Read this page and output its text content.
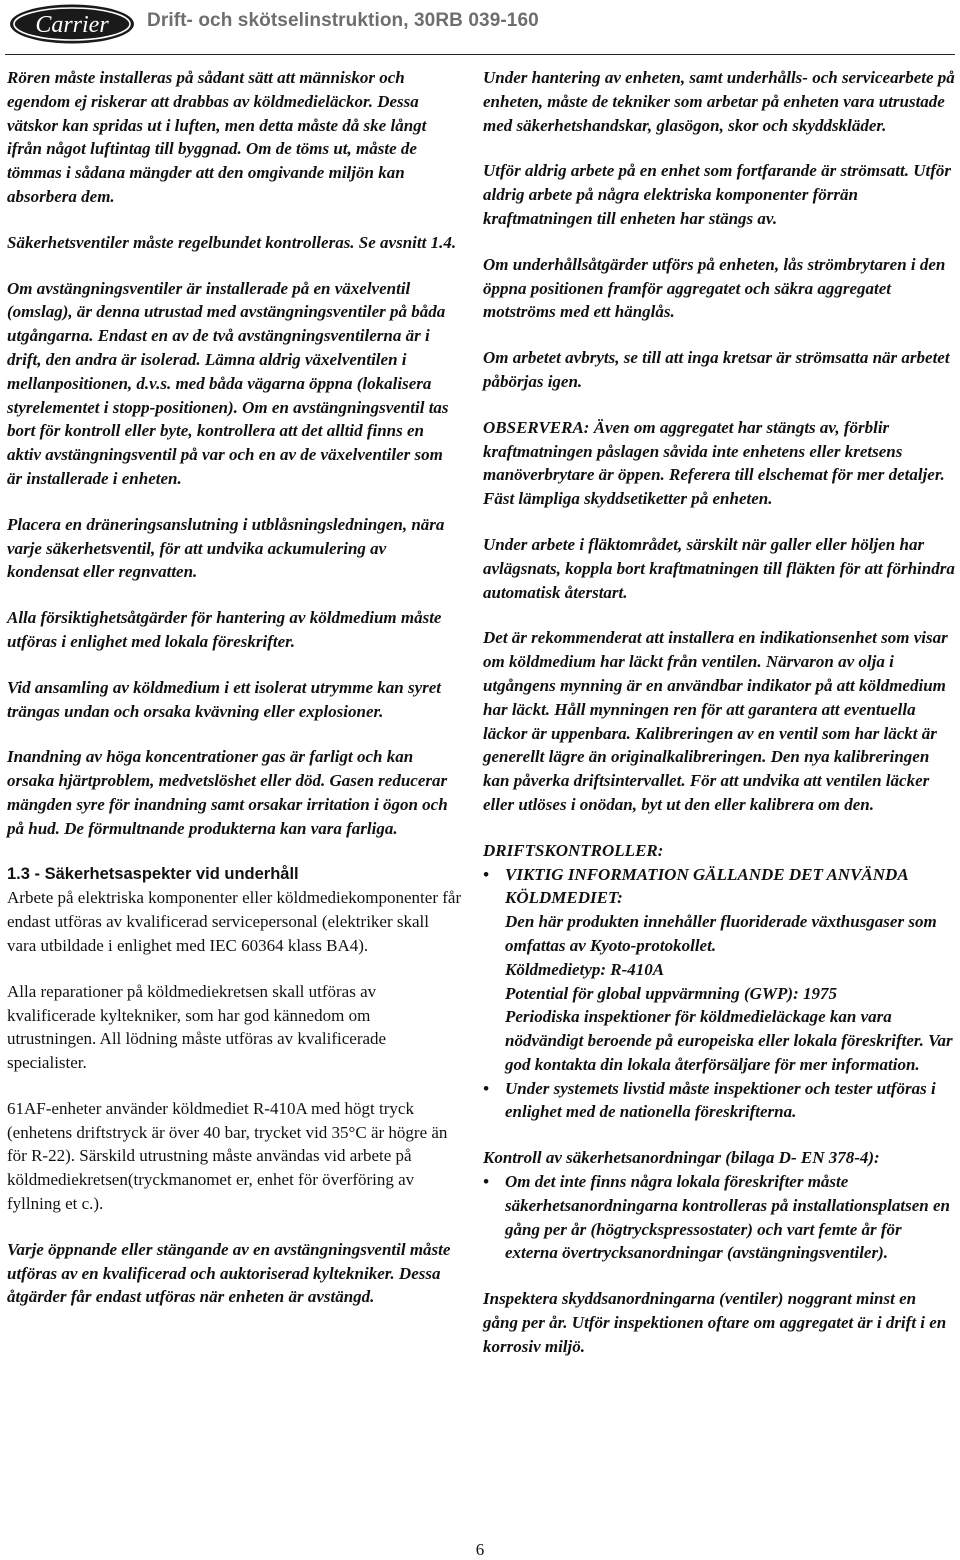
Carrier Drift- och skötselinstruktion, 30RB 039-160

Rören måste installeras på sådant sätt att människor och egendom ej riskerar att drabbas av köldmedieläckor. Dessa vätskor kan spridas ut i luften, men detta måste då ske långt ifrån något luftintag till byggnad. Om de töms ut, måste de tömmas i sådana mängder att den omgivande miljön kan absorbera dem.

Säkerhetsventiler måste regelbundet kontrolleras. Se avsnitt 1.4.

Om avstängningsventiler är installerade på en växelventil (omslag), är denna utrustad med avstängningsventiler på båda utgångarna. Endast en av de två avstängningsventilerna är i drift, den andra är isolerad. Lämna aldrig växelventilen i mellanpositionen, d.v.s. med båda vägarna öppna (lokalisera styrelementet i stopp-positionen). Om en avstängningsventil tas bort för kontroll eller byte, kontrollera att det alltid finns en aktiv avstängningsventil på var och en av de växelventiler som är installerade i enheten.

Placera en dräneringsanslutning i utblåsningsledningen, nära varje säkerhetsventil, för att undvika ackumulering av kondensat eller regnvatten.

Alla försiktighetsåtgärder för hantering av köldmedium måste utföras i enlighet med lokala föreskrifter.

Vid ansamling av köldmedium i ett isolerat utrymme kan syret trängas undan och orsaka kvävning eller explosioner.

Inandning av höga koncentrationer gas är farligt och kan orsaka hjärtproblem, medvetslöshet eller död. Gasen reducerar mängden syre för inandning samt orsakar irritation i ögon och på hud. De förmultnande produkterna kan vara farliga.

1.3 - Säkerhetsaspekter vid underhåll

Arbete på elektriska komponenter eller köldmediekomponenter får endast utföras av kvalificerad servicepersonal (elektriker skall vara utbildade i enlighet med IEC 60364 klass BA4).

Alla reparationer på köldmediekretsen skall utföras av kvalificerade kyltekniker, som har god kännedom om utrustningen. All lödning måste utföras av kvalificerade specialister.

61AF-enheter använder köldmediet R-410A med högt tryck (enhetens driftstryck är över 40 bar, trycket vid 35°C är högre än för R-22). Särskild utrustning måste användas vid arbete på köldmediekretsen(tryckmanomet er, enhet för överföring av fyllning et c.).

Varje öppnande eller stängande av en avstängningsventil måste utföras av en kvalificerad och auktoriserad kyltekniker. Dessa åtgärder får endast utföras när enheten är avstängd.

Under hantering av enheten, samt underhålls- och servicearbete på enheten, måste de tekniker som arbetar på enheten vara utrustade med säkerhetshandskar, glasögon, skor och skyddskläder.

Utför aldrig arbete på en enhet som fortfarande är strömsatt. Utför aldrig arbete på några elektriska komponenter förrän kraftmatningen till enheten har stängs av.

Om underhållsåtgärder utförs på enheten, lås strömbrytaren i den öppna positionen framför aggregatet och säkra aggregatet motströms med ett hänglås.

Om arbetet avbryts, se till att inga kretsar är strömsatta när arbetet påbörjas igen.

OBSERVERA: Även om aggregatet har stängts av, förblir kraftmatningen påslagen såvida inte enhetens eller kretsens manöverbrytare är öppen. Referera till elschemat för mer detaljer. Fäst lämpliga skyddsetiketter på enheten.

Under arbete i fläktområdet, särskilt när galler eller höljen har avlägsnats, koppla bort kraftmatningen till fläkten för att förhindra automatisk återstart.

Det är rekommenderat att installera en indikationsenhet som visar om köldmedium har läckt från ventilen. Närvaron av olja i utgångens mynning är en användbar indikator på att köldmedium har läckt. Håll mynningen ren för att garantera att eventuella läckor är uppenbara. Kalibreringen av en ventil som har läckt är generellt lägre än originalkalibreringen. Den nya kalibreringen kan påverka driftsintervallet. För att undvika att ventilen läcker eller utlöses i onödan, byt ut den eller kalibrera om den.

DRIFTSKONTROLLER:
• VIKTIG INFORMATION GÄLLANDE DET ANVÄNDA KÖLDMEDIET:
Den här produkten innehåller fluoriderade växthusgaser som omfattas av Kyoto-protokollet.
Köldmedietyp: R-410A
Potential för global uppvärmning (GWP): 1975
Periodiska inspektioner för köldmedieläckage kan vara nödvändigt beroende på europeiska eller lokala föreskrifter. Var god kontakta din lokala återförsäljare för mer information.
• Under systemets livstid måste inspektioner och tester utföras i enlighet med de nationella föreskrifterna.
Kontroll av säkerhetsanordningar (bilaga D- EN 378-4):
• Om det inte finns några lokala föreskrifter måste säkerhetsanordningarna kontrolleras på installationsplatsen en gång per år (högtryckspressostater) och vart femte år för externa övertrycksanordningar (avstängningsventiler).

Inspektera skyddsanordningarna (ventiler) noggrant minst en gång per år. Utför inspektionen oftare om aggregatet är i drift i en korrosiv miljö.

6
